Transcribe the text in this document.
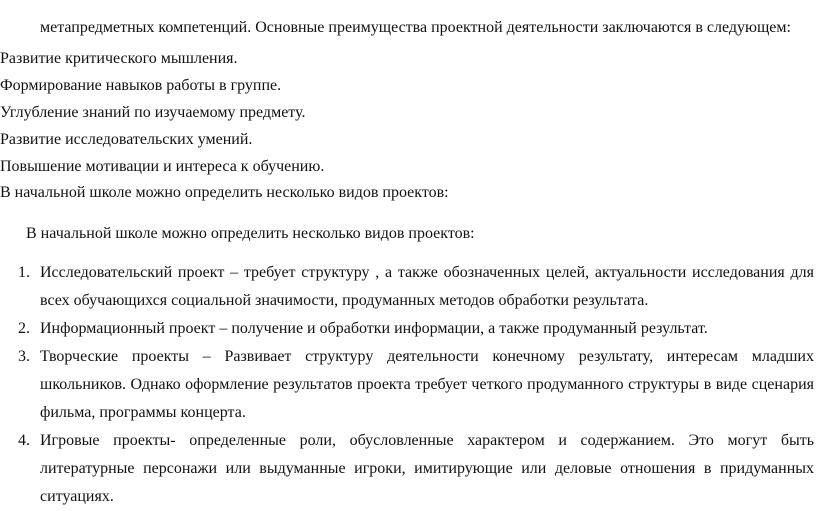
метапредметных компетенций. Основные преимущества проектной деятельности заключаются в следующем:
Развитие критического мышления.
Формирование навыков работы в группе.
Углубление знаний по изучаемому предмету.
Развитие исследовательских умений.
Повышение мотивации и интереса к обучению.
В начальной школе можно определить несколько видов проектов:
В начальной школе можно определить несколько видов проектов:
1. Исследовательский проект – требует структуру , а также обозначенных целей, актуальности исследования для всех обучающихся социальной значимости, продуманных методов обработки результата.
2. Информационный проект – получение и обработки информации, а также продуманный результат.
3. Творческие проекты – Развивает структуру деятельности конечному результату, интересам младших школьников. Однако оформление результатов проекта требует четкого продуманного структуры в виде сценария фильма, программы концерта.
4. Игровые проекты- определенные роли, обусловленные характером и содержанием. Это могут быть литературные персонажи или выдуманные игроки, имитирующие или деловые отношения в придуманных ситуациях.
